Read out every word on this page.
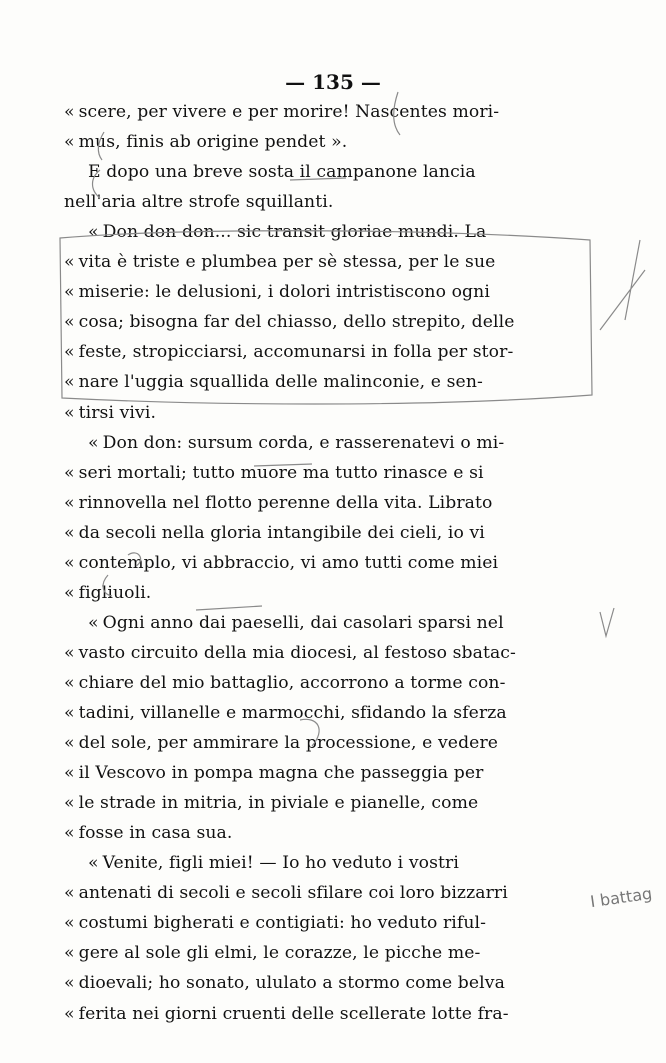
— 135 —
« scere, per vivere e per morire! Nascentes mori-
« mus, finis ab origine pendet ».
E dopo una breve sosta il campanone lancia
nell'aria altre strofe squillanti.
« Don don don... sic transit gloriae mundi. La
« vita è triste e plumbea per sè stessa, per le sue
« miserie: le delusioni, i dolori intristiscono ogni
« cosa; bisogna far del chiasso, dello strepito, delle
« feste, stropicciarsi, accomunarsi in folla per stor-
« nare l'uggia squallida delle malinconie, e sen-
« tirsi vivi.
« Don don: sursum corda, e rasserenatevi o mi-
« seri mortali; tutto muore ma tutto rinasce e si
« rinnovella nel flotto perenne della vita. Librato
« da secoli nella gloria intangibile dei cieli, io vi
« contemplo, vi abbraccio, vi amo tutti come miei
« figliuoli.
« Ogni anno dai paeselli, dai casolari sparsi nel
« vasto circuito della mia diocesi, al festoso sbatac-
« chiare del mio battaglio, accorrono a torme con-
« tadini, villanelle e marmocchi, sfidando la sferza
« del sole, per ammirare la processione, e vedere
« il Vescovo in pompa magna che passeggia per
« le strade in mitria, in piviale e pianelle, come
« fosse in casa sua.
« Venite, figli miei! — Io ho veduto i vostri
« antenati di secoli e secoli sfilare coi loro bizzarri
« costumi bigherati e contigiati: ho veduto riful-
« gere al sole gli elmi, le corazze, le picche me-
« dioevali; ho sonato, ululato a stormo come belva
« ferita nei giorni cruenti delle scellerate lotte fra-
I battag
